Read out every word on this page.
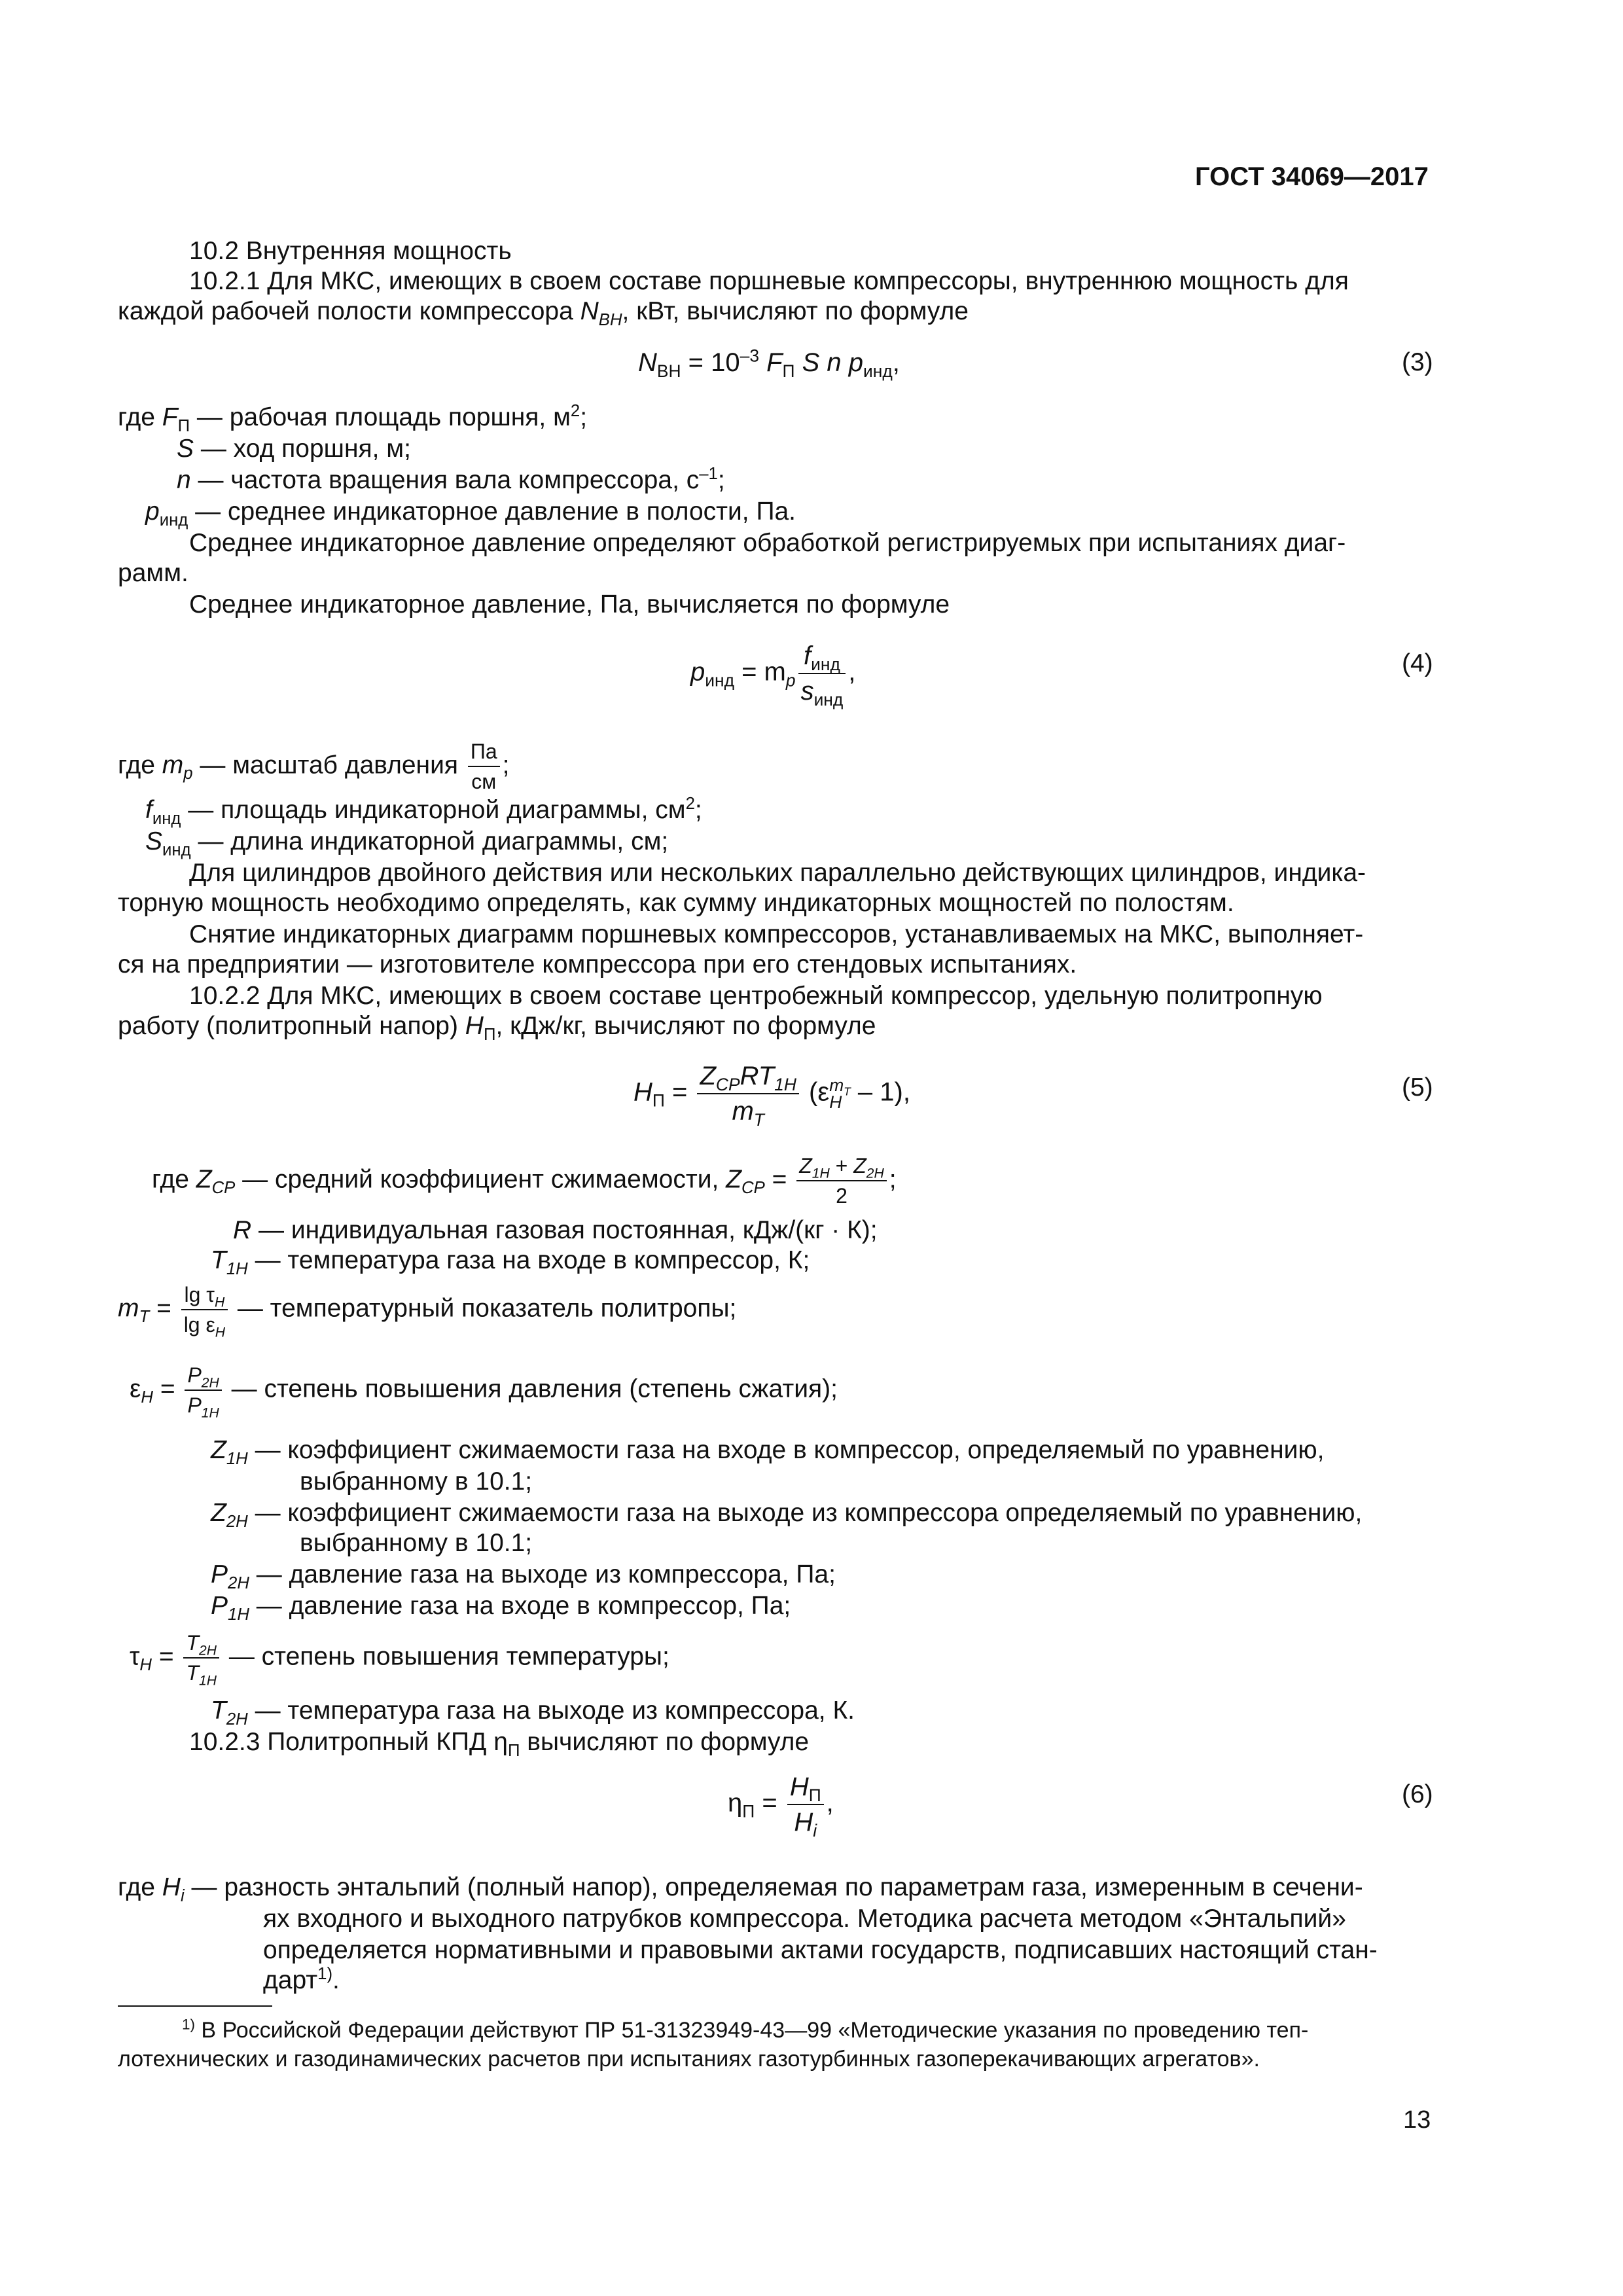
ГОСТ 34069—2017
10.2 Внутренняя мощность
10.2.1 Для МКС, имеющих в своем составе поршневые компрессоры, внутреннюю мощность для
каждой рабочей полости компрессора $N_{BH}$, кВт, вычисляют по формуле
$N_{BH} = 10^{-3}$ $F_П$ S n $p_{инд}$,	(3)
где $F_П$ — рабочая площадь поршня, $м^2$;
S — ход поршня, м;
n — частота вращения вала компрессора, $с^{-1}$;
$p_{инд}$ — среднее индикаторное давление в полости, Па.
Среднее индикаторное давление определяют обработкой регистрируемых при испытаниях диаг-
рамм.
Среднее индикаторное давление, Па, вычисляется по формуле
$p_{инд} = m_p \frac{f_{инд}}{s_{инд}}$ ,	(4)
где $m_p$ — масштаб давления $\frac{Па}{см}$ ;
$f_{инд}$ — площадь индикаторной диаграммы, $см^2$;
$S_{инд}$ — длина индикаторной диаграммы, см;
Для цилиндров двойного действия или нескольких параллельно действующих цилиндров, индика-
торную мощность необходимо определять, как сумму индикаторных мощностей по полостям.
Снятие индикаторных диаграмм поршневых компрессоров, устанавливаемых на МКС, выполняет-
ся на предприятии — изготовителе компрессора при его стендовых испытаниях.
10.2.2 Для МКС, имеющих в своем составе центробежный компрессор, удельную политропную
работу (политропный напор) $H_П$, кДж/кг, вычисляют по формуле
$H_П = \frac{Z_{CP}RT_{1H}}{m_T} (\varepsilon$ $m_T$
H – 1),	(5)
где $Z_{CP}$ — средний коэффициент сжимаемости, $Z_{CP} = \frac{Z_{1H} + Z_{2H}}{2}$ ;
R — индивидуальная газовая постоянная, кДж/(кг · К);
$T_{1H}$ — температура газа на входе в компрессор, К;
$m_T = \frac{\lg \tau_H}{\lg \varepsilon_H}$ — температурный показатель политропы;
$\varepsilon_H = \frac{P_{2H}}{P_{1H}}$ — степень повышения давления (степень сжатия);
$Z_{1H}$ — коэффициент сжимаемости газа на входе в компрессор, определяемый по уравнению,
выбранному в 10.1;
$Z_{2H}$ — коэффициент сжимаемости газа на выходе из компрессора определяемый по уравнению,
выбранному в 10.1;
$P_{2H}$ — давление газа на выходе из компрессора, Па;
$P_{1H}$ — давление газа на входе в компрессор, Па;
$\tau_H = \frac{T_{2H}}{T_{1H}}$ — степень повышения температуры;
$T_{2H}$ — температура газа на выходе из компрессора, К.
10.2.3 Политропный КПД $\eta_П$ вычисляют по формуле
$\eta_П = \frac{H_П}{H_i}$ ,	(6)
где $H_i$ — разность энтальпий (полный напор), определяемая по параметрам газа, измеренным в сечени-
ях входного и выходного патрубков компрессора. Методика расчета методом «Энтальпий»
определяется нормативными и правовыми актами государств, подписавших настоящий стан-
дарт$^{1)}$.
$^{1)}$ В Российской Федерации действуют ПР 51-31323949-43—99 «Методические указания по проведению теп-
лотехнических и газодинамических расчетов при испытаниях газотурбинных газоперекачивающих агрегатов».
13
